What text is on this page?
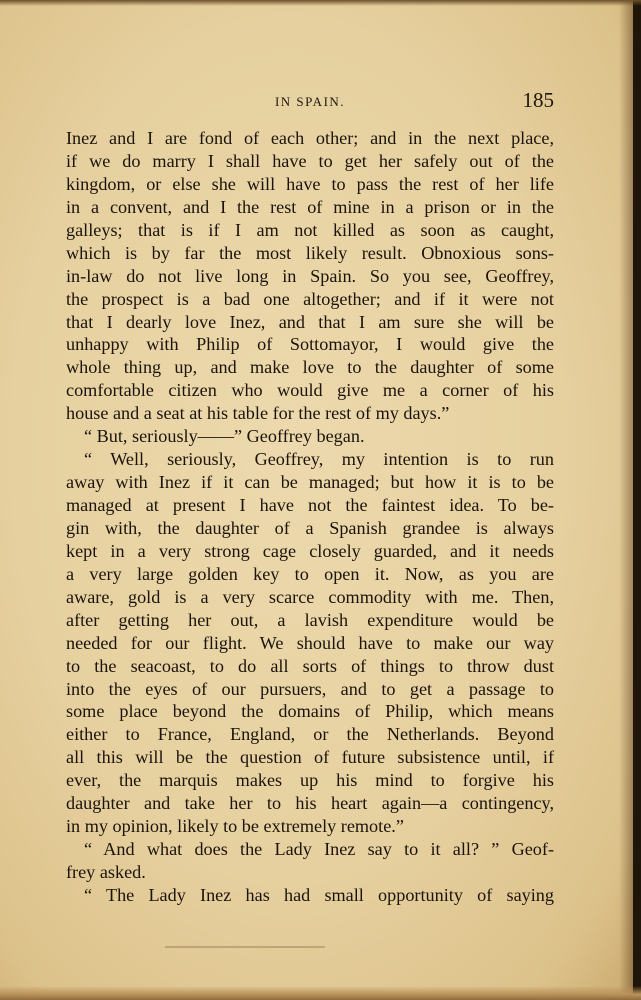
IN SPAIN.	185
Inez and I are fond of each other; and in the next place,
if we do marry I shall have to get her safely out of the
kingdom, or else she will have to pass the rest of her life
in a convent, and I the rest of mine in a prison or in the
galleys; that is if I am not killed as soon as caught,
which is by far the most likely result. Obnoxious sons-
in-law do not live long in Spain. So you see, Geoffrey,
the prospect is a bad one altogether; and if it were not
that I dearly love Inez, and that I am sure she will be
unhappy with Philip of Sottomayor, I would give the
whole thing up, and make love to the daughter of some
comfortable citizen who would give me a corner of his
house and a seat at his table for the rest of my days.”
“ But, seriously——” Geoffrey began.
“ Well, seriously, Geoffrey, my intention is to run
away with Inez if it can be managed; but how it is to be
managed at present I have not the faintest idea. To be-
gin with, the daughter of a Spanish grandee is always
kept in a very strong cage closely guarded, and it needs
a very large golden key to open it. Now, as you are
aware, gold is a very scarce commodity with me. Then,
after getting her out, a lavish expenditure would be
needed for our flight. We should have to make our way
to the seacoast, to do all sorts of things to throw dust
into the eyes of our pursuers, and to get a passage to
some place beyond the domains of Philip, which means
either to France, England, or the Netherlands. Beyond
all this will be the question of future subsistence until, if
ever, the marquis makes up his mind to forgive his
daughter and take her to his heart again—a contingency,
in my opinion, likely to be extremely remote.”
“ And what does the Lady Inez say to it all? ” Geof-
frey asked.
“ The Lady Inez has had small opportunity of saying
